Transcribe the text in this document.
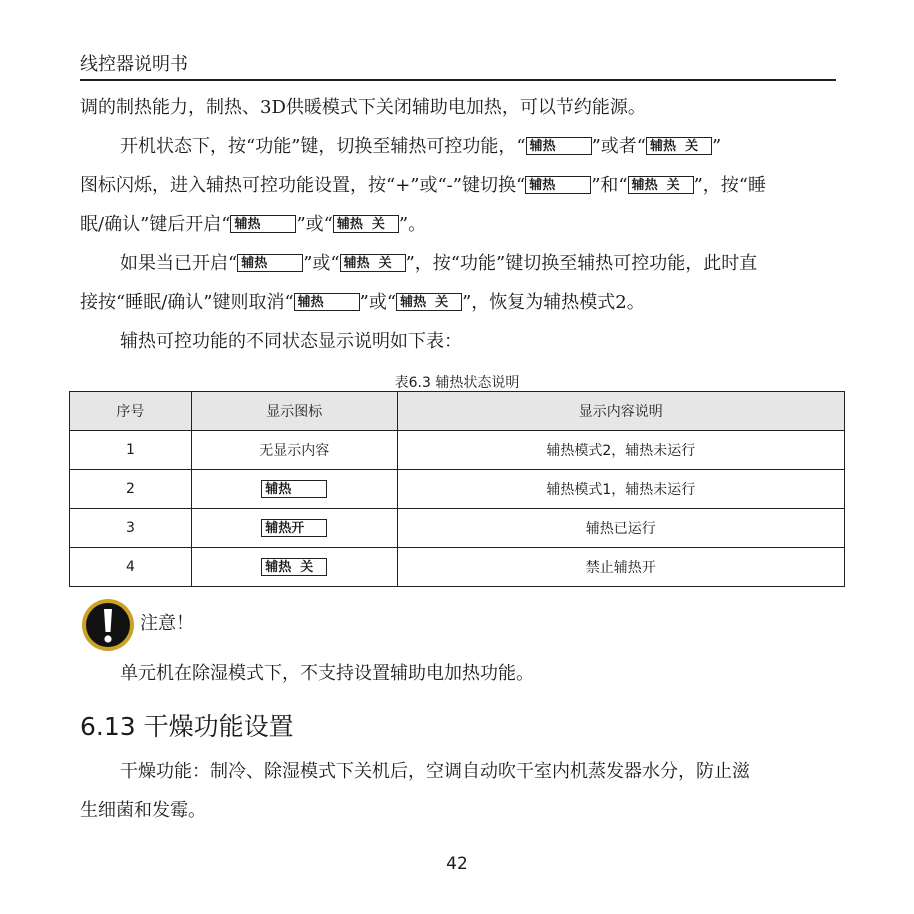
线控器说明书
调的制热能力，制热、3D供暖模式下关闭辅助电加热，可以节约能源。
开机状态下，按“功能”键，切换至辅热可控功能，“ 辅热 ”或者“ 辅热  关 ”
图标闪烁，进入辅热可控功能设置，按“+”或“-”键切换“ 辅热 ”和“ 辅热  关 ”，按“睡
眠/确认”键后开启“ 辅热 ”或“ 辅热  关 ”。
如果当已开启“ 辅热 ”或“ 辅热  关 ”，按“功能”键切换至辅热可控功能，此时直
接按“睡眠/确认”键则取消“ 辅热 ”或“ 辅热  关 ”，恢复为辅热模式2。
辅热可控功能的不同状态显示说明如下表：
表6.3 辅热状态说明
序号	显示图标	显示内容说明
1	无显示内容	辅热模式2，辅热未运行
2	辅热	辅热模式1，辅热未运行
3	辅热开	辅热已运行
4	辅热  关	禁止辅热开
注意！
单元机在除湿模式下，不支持设置辅助电加热功能。
6.13 干燥功能设置
干燥功能：制冷、除湿模式下关机后，空调自动吹干室内机蒸发器水分，防止滋
生细菌和发霉。
42
